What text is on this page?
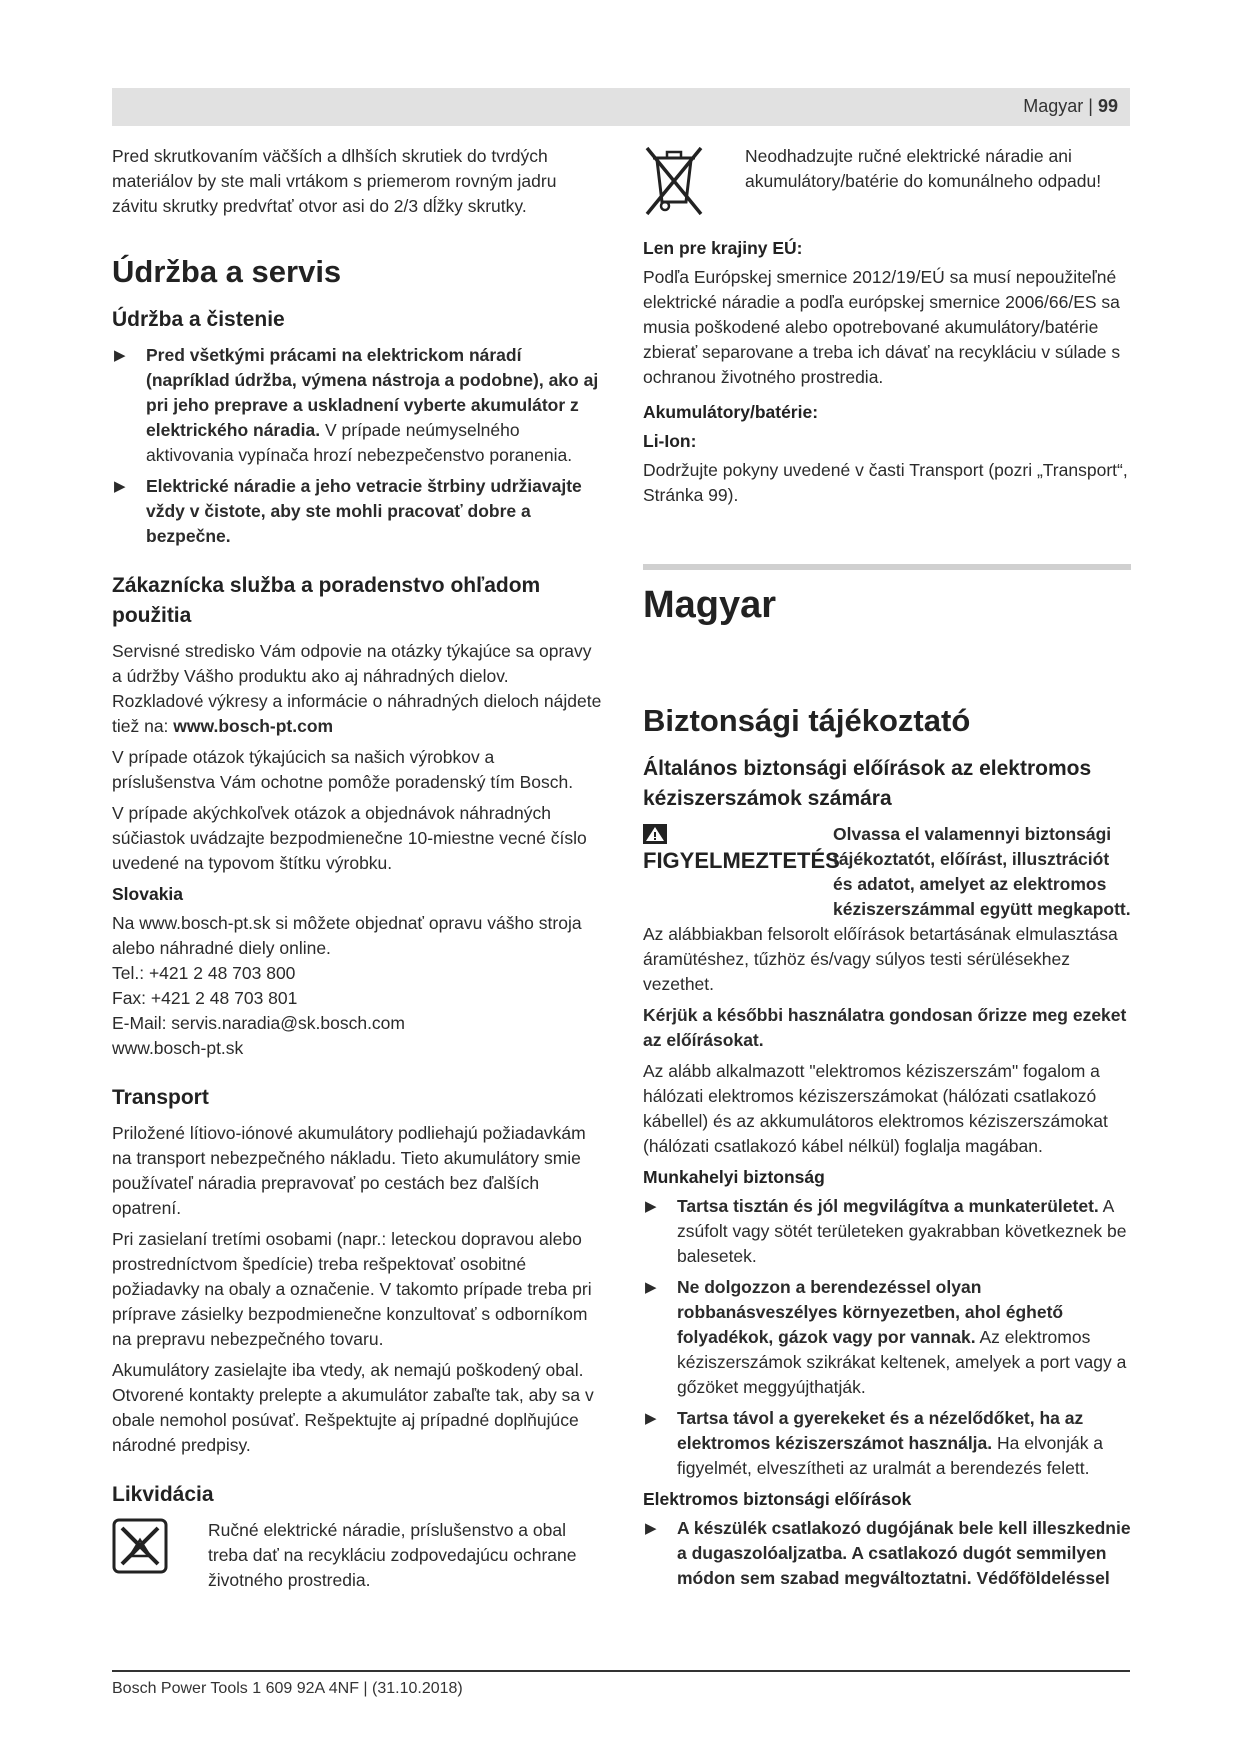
Magyar | 99

Pred skrutkovaním väčších a dlhších skrutiek do tvrdých materiálov by ste mali vrtákom s priemerom rovným jadru závitu skrutky predvŕtať otvor asi do 2/3 dĺžky skrutky.

Údržba a servis
Údržba a čistenie
▶ Pred všetkými prácami na elektrickom náradí (napríklad údržba, výmena nástroja a podobne), ako aj pri jeho preprave a uskladnení vyberte akumulátor z elektrického náradia. V prípade neúmyselného aktivovania vypínača hrozí nebezpečenstvo poranenia.
▶ Elektrické náradie a jeho vetracie štrbiny udržiavajte vždy v čistote, aby ste mohli pracovať dobre a bezpečne.
Zákaznícka služba a poradenstvo ohľadom použitia

Servisné stredisko Vám odpovie na otázky týkajúce sa opravy a údržby Vášho produktu ako aj náhradných dielov. Rozkladové výkresy a informácie o náhradných dieloch nájdete tiež na: www.bosch-pt.com

V prípade otázok týkajúcich sa našich výrobkov a príslušenstva Vám ochotne pomôže poradenský tím Bosch.

V prípade akýchkoľvek otázok a objednávok náhradných súčiastok uvádzajte bezpodmienečne 10-miestne vecné číslo uvedené na typovom štítku výrobku.

Slovakia
Na www.bosch-pt.sk si môžete objednať opravu vášho stroja alebo náhradné diely online.
Tel.: +421 2 48 703 800
Fax: +421 2 48 703 801
E-Mail: servis.naradia@sk.bosch.com
www.bosch-pt.sk
Transport

Priložené lítiovo-iónové akumulátory podliehajú požiadavkám na transport nebezpečného nákladu. Tieto akumulátory smie používateľ náradia prepravovať po cestách bez ďalších opatrení.

Pri zasielaní tretími osobami (napr.: leteckou dopravou alebo prostredníctvom špedície) treba rešpektovať osobitné požiadavky na obaly a označenie. V takomto prípade treba pri príprave zásielky bezpodmienečne konzultovať s odborníkom na prepravu nebezpečného tovaru.

Akumulátory zasielajte iba vtedy, ak nemajú poškodený obal. Otvorené kontakty prelepte a akumulátor zabaľte tak, aby sa v obale nemohol posúvať. Rešpektujte aj prípadné doplňujúce národné predpisy.

Likvidácia
Ručné elektrické náradie, príslušenstvo a obal treba dať na recykláciu zodpovedajúcu ochrane životného prostredia.
Neodhadzujte ručné elektrické náradie ani akumulátory/batérie do komunálneho odpadu!
Len pre krajiny EÚ:

Podľa Európskej smernice 2012/19/EÚ sa musí nepoužiteľné elektrické náradie a podľa európskej smernice 2006/66/ES sa musia poškodené alebo opotrebované akumulátory/batérie zbierať separovane a treba ich dávať na recykláciu v súlade s ochranou životného prostredia.

Akumulátory/batérie:
Li-Ion:

Dodržujte pokyny uvedené v časti Transport (pozri „Transport“, Stránka 99).

Magyar
Biztonsági tájékoztató
Általános biztonsági előírások az elektromos kéziszerszámok számára
FIGYELMEZTETÉS
Olvassa el valamennyi biztonsági tájékoztatót, előírást, illusztrációt és adatot, amelyet az elektromos kéziszerszámmal együtt megkapott.

Az alábbiakban felsorolt előírások betartásának elmulasztása áramütéshez, tűzhöz és/vagy súlyos testi sérülésekhez vezethet.

Kérjük a későbbi használatra gondosan őrizze meg ezeket az előírásokat.

Az alább alkalmazott "elektromos kéziszerszám" fogalom a hálózati elektromos kéziszerszámokat (hálózati csatlakozó kábellel) és az akkumulátoros elektromos kéziszerszámokat (hálózati csatlakozó kábel nélkül) foglalja magában.

Munkahelyi biztonság
▶ Tartsa tisztán és jól megvilágítva a munkaterületet. A zsúfolt vagy sötét területeken gyakrabban következnek be balesetek.
▶ Ne dolgozzon a berendezéssel olyan robbanásveszélyes környezetben, ahol éghető folyadékok, gázok vagy por vannak. Az elektromos kéziszerszámok szikrákat keltenek, amelyek a port vagy a gőzöket meggyújthatják.
▶ Tartsa távol a gyerekeket és a nézelődőket, ha az elektromos kéziszerszámot használja. Ha elvonják a figyelmét, elveszítheti az uralmát a berendezés felett.
Elektromos biztonsági előírások
▶ A készülék csatlakozó dugójának bele kell illeszkednie a dugaszolóaljzatba. A csatlakozó dugót semmilyen módon sem szabad megváltoztatni. Védőföldeléssel
Bosch Power Tools 1 609 92A 4NF | (31.10.2018)
